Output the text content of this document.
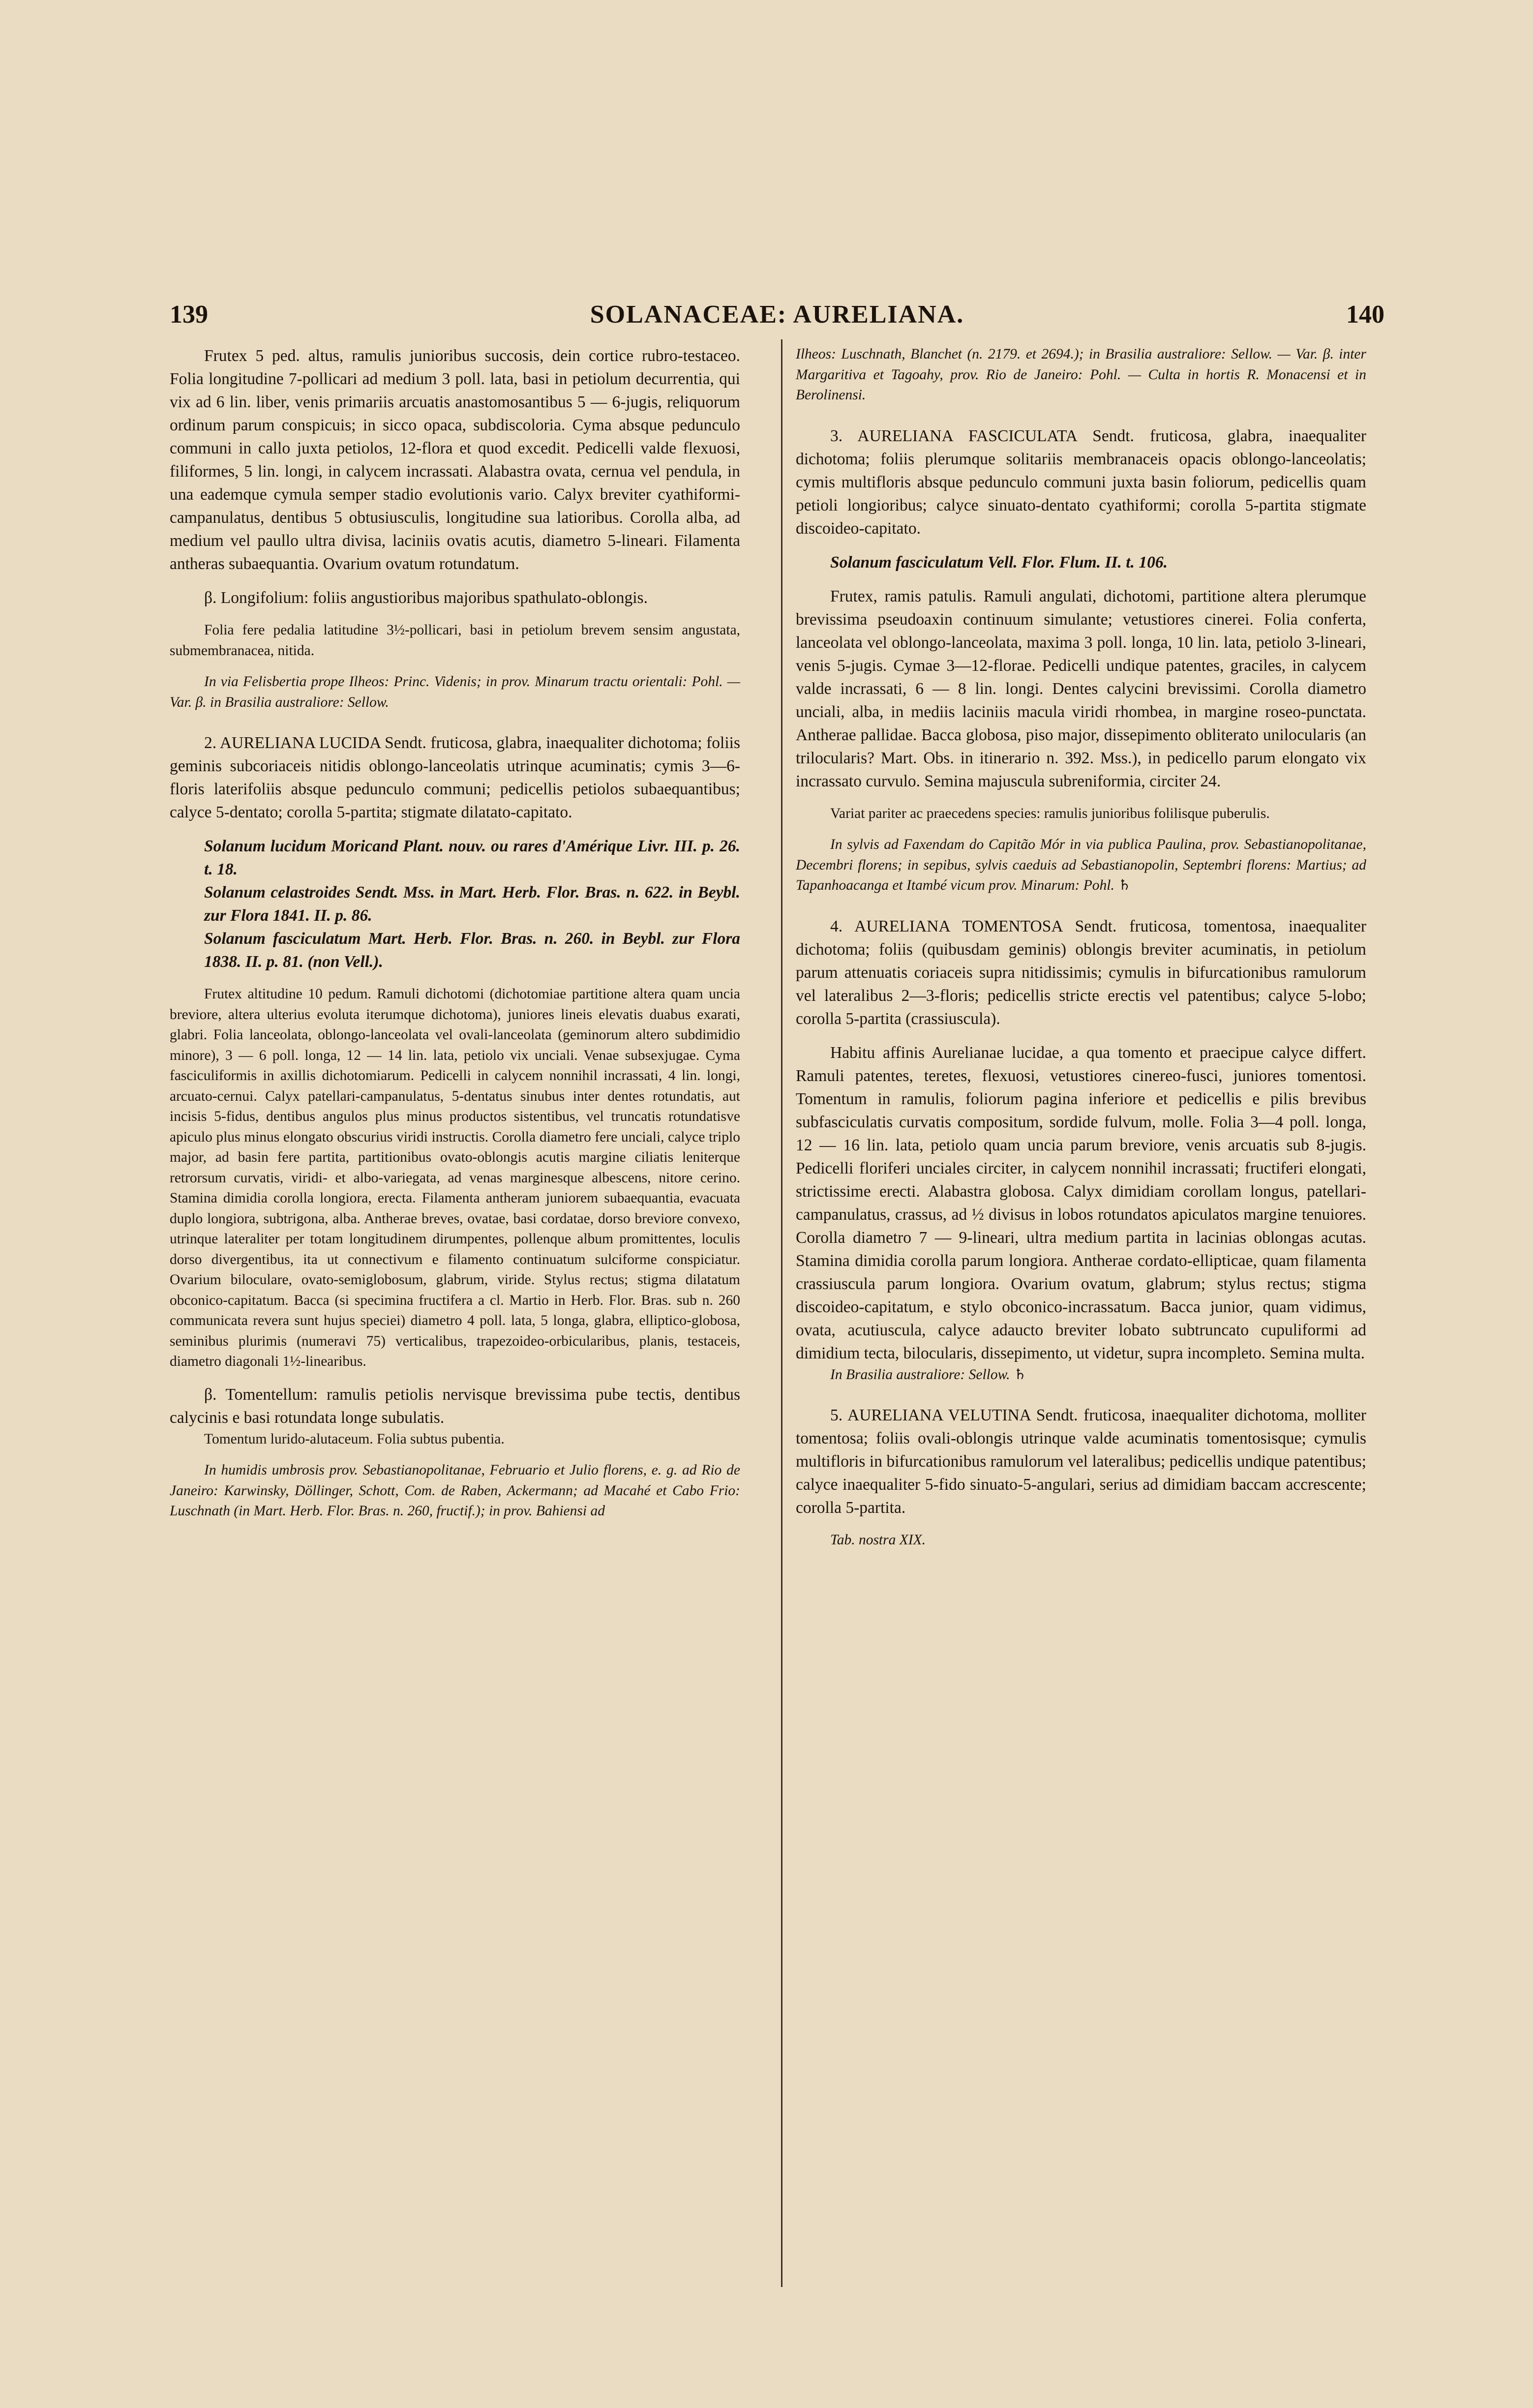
139	SOLANACEAE: AURELIANA.	140

Frutex 5 ped. altus, ramulis junioribus succosis, dein cortice rubro-testaceo. Folia longitudine 7-pollicari ad medium 3 poll. lata, basi in petiolum decurrentia, qui vix ad 6 lin. liber, venis primariis arcuatis anastomosantibus 5 — 6-jugis, reliquorum ordinum parum conspicuis; in sicco opaca, subdiscoloria. Cyma absque pedunculo communi in callo juxta petiolos, 12-flora et quod excedit. Pedicelli valde flexuosi, filiformes, 5 lin. longi, in calycem incrassati. Alabastra ovata, cernua vel pendula, in una eademque cymula semper stadio evolutionis vario. Calyx breviter cyathiformi-campanulatus, dentibus 5 obtusiusculis, longitudine sua latioribus. Corolla alba, ad medium vel paullo ultra divisa, laciniis ovatis acutis, diametro 5-lineari. Filamenta antheras subaequantia. Ovarium ovatum rotundatum.

β. Longifolium: foliis angustioribus majoribus spathulato-oblongis.

Folia fere pedalia latitudine 3½-pollicari, basi in petiolum brevem sensim angustata, submembranacea, nitida.

In via Felisbertia prope Ilheos: Princ. Videnis; in prov. Minarum tractu orientali: Pohl. — Var. β. in Brasilia australiore: Sellow.

2. AURELIANA LUCIDA Sendt. fruticosa, glabra, inaequaliter dichotoma; foliis geminis subcoriaceis nitidis oblongo-lanceolatis utrinque acuminatis; cymis 3—6-floris laterifoliis absque pedunculo communi; pedicellis petiolos subaequantibus; calyce 5-dentato; corolla 5-partita; stigmate dilatato-capitato.

Solanum lucidum Moricand Plant. nouv. ou rares d'Amérique Livr. III. p. 26. t. 18.

Solanum celastroides Sendt. Mss. in Mart. Herb. Flor. Bras. n. 622. in Beybl. zur Flora 1841. II. p. 86.

Solanum fasciculatum Mart. Herb. Flor. Bras. n. 260. in Beybl. zur Flora 1838. II. p. 81. (non Vell.).

Frutex altitudine 10 pedum. Ramuli dichotomi (dichotomiae partitione altera quam uncia breviore, altera ulterius evoluta iterumque dichotoma), juniores lineis elevatis duabus exarati, glabri. Folia lanceolata, oblongo-lanceolata vel ovali-lanceolata (geminorum altero subdimidio minore), 3 — 6 poll. longa, 12 — 14 lin. lata, petiolo vix unciali. Venae subsexjugae. Cyma fasciculiformis in axillis dichotomiarum. Pedicelli in calycem nonnihil incrassati, 4 lin. longi, arcuato-cernui. Calyx patellari-campanulatus, 5-dentatus sinubus inter dentes rotundatis, aut incisis 5-fidus, dentibus angulos plus minus productos sistentibus, vel truncatis rotundatisve apiculo plus minus elongato obscurius viridi instructis. Corolla diametro fere unciali, calyce triplo major, ad basin fere partita, partitionibus ovato-oblongis acutis margine ciliatis leniterque retrorsum curvatis, viridi- et albo-variegata, ad venas marginesque albescens, nitore cerino. Stamina dimidia corolla longiora, erecta. Filamenta antheram juniorem subaequantia, evacuata duplo longiora, subtrigona, alba. Antherae breves, ovatae, basi cordatae, dorso breviore convexo, utrinque lateraliter per totam longitudinem dirumpentes, pollenque album promittentes, loculis dorso divergentibus, ita ut connectivum e filamento continuatum sulciforme conspiciatur. Ovarium biloculare, ovato-semiglobosum, glabrum, viride. Stylus rectus; stigma dilatatum obconico-capitatum. Bacca (si specimina fructifera a cl. Martio in Herb. Flor. Bras. sub n. 260 communicata revera sunt hujus speciei) diametro 4 poll. lata, 5 longa, glabra, elliptico-globosa, seminibus plurimis (numeravi 75) verticalibus, trapezoideo-orbicularibus, planis, testaceis, diametro diagonali 1½-linearibus.

β. Tomentellum: ramulis petiolis nervisque brevissima pube tectis, dentibus calycinis e basi rotundata longe subulatis.

Tomentum lurido-alutaceum. Folia subtus pubentia.

In humidis umbrosis prov. Sebastianopolitanae, Februario et Julio florens, e. g. ad Rio de Janeiro: Karwinsky, Döllinger, Schott, Com. de Raben, Ackermann; ad Macahé et Cabo Frio: Luschnath (in Mart. Herb. Flor. Bras. n. 260, fructif.); in prov. Bahiensi ad

Ilheos: Luschnath, Blanchet (n. 2179. et 2694.); in Brasilia australiore: Sellow. — Var. β. inter Margaritiva et Tagoahy, prov. Rio de Janeiro: Pohl. — Culta in hortis R. Monacensi et in Berolinensi.

3. AURELIANA FASCICULATA Sendt. fruticosa, glabra, inaequaliter dichotoma; foliis plerumque solitariis membranaceis opacis oblongo-lanceolatis; cymis multifloris absque pedunculo communi juxta basin foliorum, pedicellis quam petioli longioribus; calyce sinuato-dentato cyathiformi; corolla 5-partita stigmate discoideo-capitato.

Solanum fasciculatum Vell. Flor. Flum. II. t. 106.

Frutex, ramis patulis. Ramuli angulati, dichotomi, partitione altera plerumque brevissima pseudoaxin continuum simulante; vetustiores cinerei. Folia conferta, lanceolata vel oblongo-lanceolata, maxima 3 poll. longa, 10 lin. lata, petiolo 3-lineari, venis 5-jugis. Cymae 3—12-florae. Pedicelli undique patentes, graciles, in calycem valde incrassati, 6 — 8 lin. longi. Dentes calycini brevissimi. Corolla diametro unciali, alba, in mediis laciniis macula viridi rhombea, in margine roseo-punctata. Antherae pallidae. Bacca globosa, piso major, dissepimento obliterato unilocularis (an trilocularis? Mart. Obs. in itinerario n. 392. Mss.), in pedicello parum elongato vix incrassato curvulo. Semina majuscula subreniformia, circiter 24.

Variat pariter ac praecedens species: ramulis junioribus folilisque puberulis.

In sylvis ad Faxendam do Capitão Mór in via publica Paulina, prov. Sebastianopolitanae, Decembri florens; in sepibus, sylvis caeduis ad Sebastianopolin, Septembri florens: Martius; ad Tapanhoacanga et Itambé vicum prov. Minarum: Pohl. ♄

4. AURELIANA TOMENTOSA Sendt. fruticosa, tomentosa, inaequaliter dichotoma; foliis (quibusdam geminis) oblongis breviter acuminatis, in petiolum parum attenuatis coriaceis supra nitidissimis; cymulis in bifurcationibus ramulorum vel lateralibus 2—3-floris; pedicellis stricte erectis vel patentibus; calyce 5-lobo; corolla 5-partita (crassiuscula).

Habitu affinis Aurelianae lucidae, a qua tomento et praecipue calyce differt. Ramuli patentes, teretes, flexuosi, vetustiores cinereo-fusci, juniores tomentosi. Tomentum in ramulis, foliorum pagina inferiore et pedicellis e pilis brevibus subfasciculatis curvatis compositum, sordide fulvum, molle. Folia 3—4 poll. longa, 12 — 16 lin. lata, petiolo quam uncia parum breviore, venis arcuatis sub 8-jugis. Pedicelli floriferi unciales circiter, in calycem nonnihil incrassati; fructiferi elongati, strictissime erecti. Alabastra globosa. Calyx dimidiam corollam longus, patellari-campanulatus, crassus, ad ½ divisus in lobos rotundatos apiculatos margine tenuiores. Corolla diametro 7 — 9-lineari, ultra medium partita in lacinias oblongas acutas. Stamina dimidia corolla parum longiora. Antherae cordato-ellipticae, quam filamenta crassiuscula parum longiora. Ovarium ovatum, glabrum; stylus rectus; stigma discoideo-capitatum, e stylo obconico-incrassatum. Bacca junior, quam vidimus, ovata, acutiuscula, calyce adaucto breviter lobato subtruncato cupuliformi ad dimidium tecta, bilocularis, dissepimento, ut videtur, supra incompleto. Semina multa.

In Brasilia australiore: Sellow. ♄

5. AURELIANA VELUTINA Sendt. fruticosa, inaequaliter dichotoma, molliter tomentosa; foliis ovali-oblongis utrinque valde acuminatis tomentosisque; cymulis multifloris in bifurcationibus ramulorum vel lateralibus; pedicellis undique patentibus; calyce inaequaliter 5-fido sinuato-5-angulari, serius ad dimidiam baccam accrescente; corolla 5-partita.

Tab. nostra XIX.
